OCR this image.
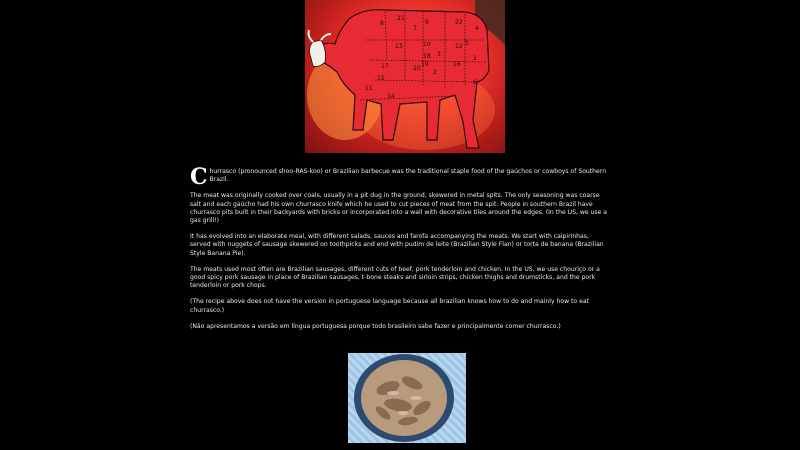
21
8	9	22
12
7
10
13
16
18
20
19
17
15
14
3
2
5
4
1
6
11

Churrasco (pronounced shoo-RAS-koo) or Brazilian barbecue was the traditional staple food of the gaúchos or cowboys of Southern Brazil.

The meat was originally cooked over coals, usually in a pit dug in the ground, skewered in metal spits. The only seasoning was coarse salt and each gaúcho had his own churrasco knife which he used to cut pieces of meat from the spit. People in southern Brazil have churrasco pits built in their backyards with bricks or incorporated into a wall with decorative tiles around the edges. (In the US, we use a gas grill!)

It has evolved into an elaborate meal, with different salads, sauces and farofa accompanying the meats. We start with caipirinhas, served with nuggets of sausage skewered on toothpicks and end with pudim de leite (Brazilian Style Flan) or torta de banana (Brazilian Style Banana Pie).

The meats used most often are Brazilian sausages, different cuts of beef, pork tenderloin and chicken. In the US, we use chouriço or a good spicy pork sausage in place of Brazilian sausages, t-bone steaks and sirloin strips, chicken thighs and drumsticks, and the pork tenderloin or pork chops.

(The recipe above does not have the version in portuguese language because all brazilian knows how to do and mainly how to eat churrasco.)

(Não apresentamos a versão em língua portuguesa porque todo brasileiro sabe fazer e principalmente comer churrasco.)
